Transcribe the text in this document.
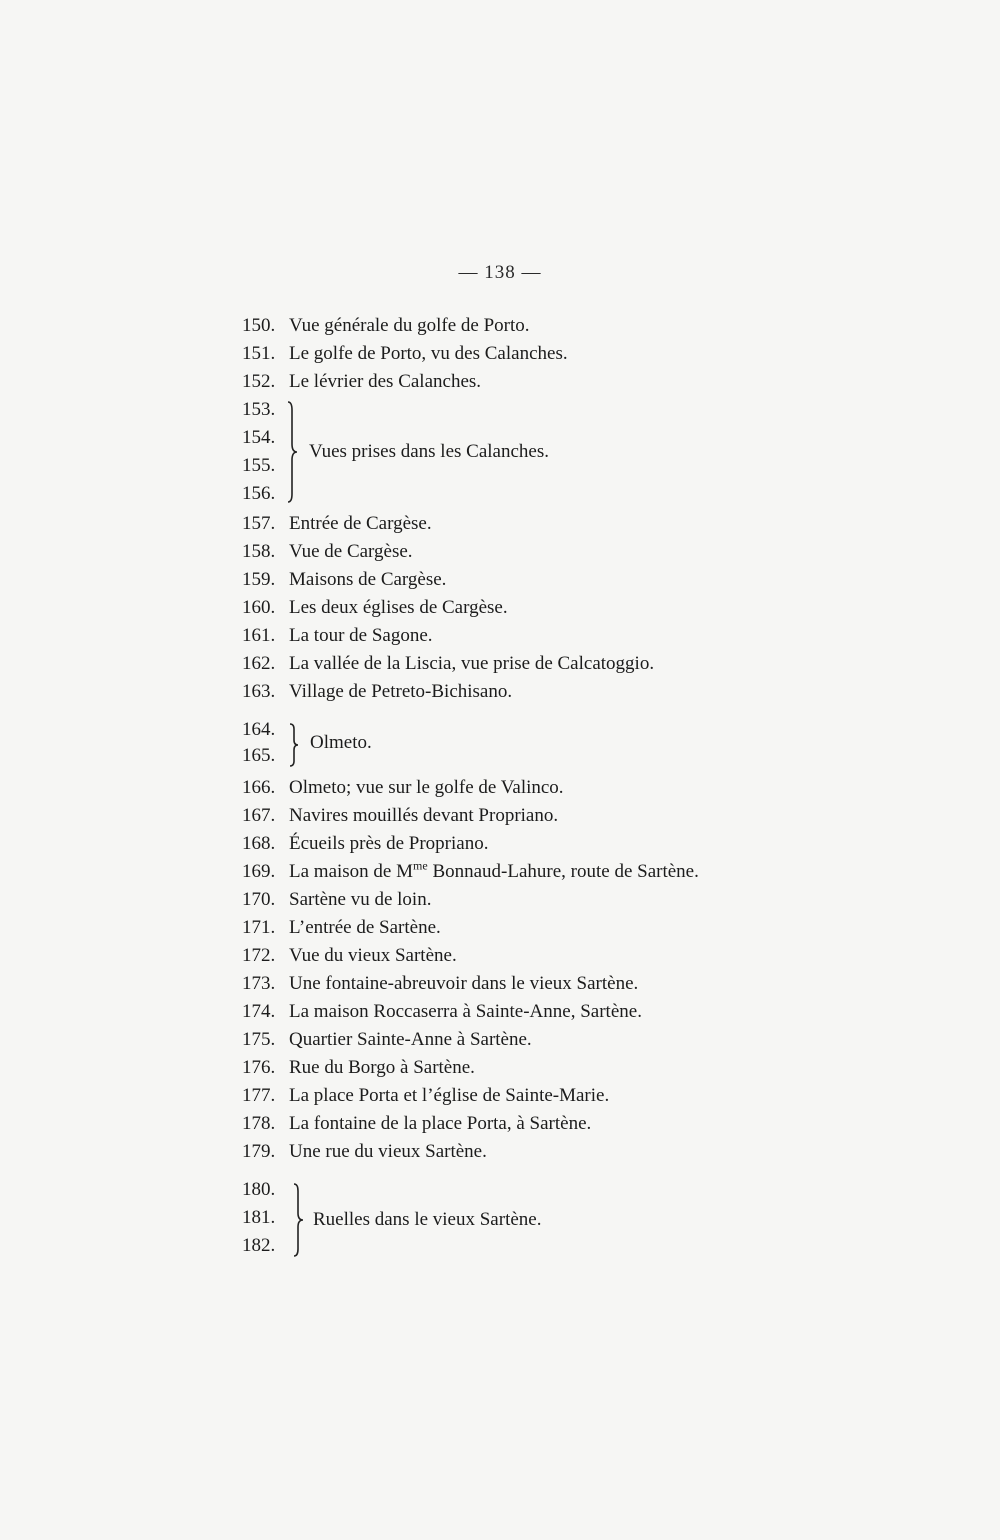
— 138 —
150. Vue générale du golfe de Porto.
151. Le golfe de Porto, vu des Calanches.
152. Le lévrier des Calanches.
153.
154.
155.
156.
Vues prises dans les Calanches.
157. Entrée de Cargèse.
158. Vue de Cargèse.
159. Maisons de Cargèse.
160. Les deux églises de Cargèse.
161. La tour de Sagone.
162. La vallée de la Liscia, vue prise de Calcatoggio.
163. Village de Petreto-Bichisano.
164.
165.
Olmeto.
166. Olmeto; vue sur le golfe de Valinco.
167. Navires mouillés devant Propriano.
168. Écueils près de Propriano.
169. La maison de $M^{me}$ Bonnaud-Lahure, route de Sartène.
170. Sartène vu de loin.
171. L’entrée de Sartène.
172. Vue du vieux Sartène.
173. Une fontaine-abreuvoir dans le vieux Sartène.
174. La maison Roccaserra à Sainte-Anne, Sartène.
175. Quartier Sainte-Anne à Sartène.
176. Rue du Borgo à Sartène.
177. La place Porta et l’église de Sainte-Marie.
178. La fontaine de la place Porta, à Sartène.
179. Une rue du vieux Sartène.
180.
181.
182.
Ruelles dans le vieux Sartène.
